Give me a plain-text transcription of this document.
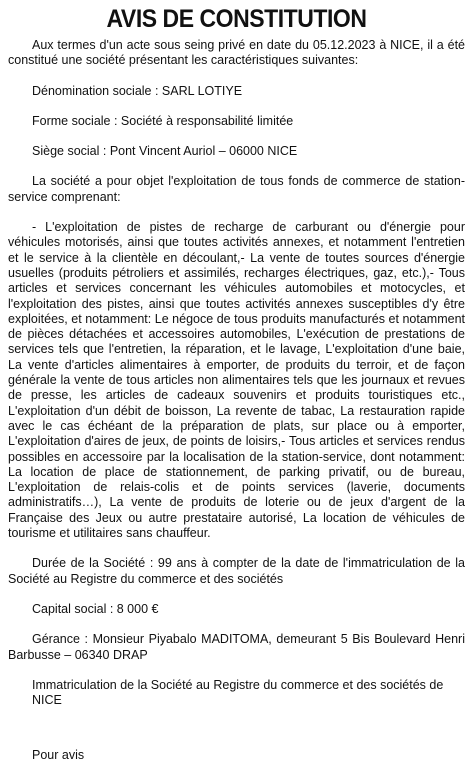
AVIS DE CONSTITUTION

Aux termes d'un acte sous seing privé en date du 05.12.2023 à NICE, il a été constitué une société présentant les caractéristiques suivantes:

Dénomination sociale : SARL LOTIYE

Forme sociale : Société à responsabilité limitée

Siège social : Pont Vincent Auriol – 06000 NICE

La société a pour objet l'exploitation de tous fonds de commerce de station-service comprenant:

- L'exploitation de pistes de recharge de carburant ou d'énergie pour véhicules motorisés, ainsi que toutes activités annexes, et notamment l'entretien et le service à la clientèle en découlant,- La vente de toutes sources d'énergie usuelles (produits pétroliers et assimilés, recharges électriques, gaz, etc.),- Tous articles et services concernant les véhicules automobiles et motocycles, et l'exploitation des pistes, ainsi que toutes activités annexes susceptibles d'y être exploitées, et notamment: Le négoce de tous produits manufacturés et notamment de pièces détachées et accessoires automobiles, L'exécution de prestations de services tels que l'entretien, la réparation, et le lavage, L'exploitation d'une baie, La vente d'articles alimentaires à emporter, de produits du terroir, et de façon générale la vente de tous articles non alimentaires tels que les journaux et revues de presse, les articles de cadeaux souvenirs et produits touristiques etc., L'exploitation d'un débit de boisson, La revente de tabac, La restauration rapide avec le cas échéant de la préparation de plats, sur place ou à emporter, L'exploitation d'aires de jeux, de points de loisirs,- Tous articles et services rendus possibles en accessoire par la localisation de la station-service, dont notamment: La location de place de stationnement, de parking privatif, ou de bureau, L'exploitation de relais-colis et de points services (laverie, documents administratifs…), La vente de produits de loterie ou de jeux d'argent de la Française des Jeux ou autre prestataire autorisé, La location de véhicules de tourisme et utilitaires sans chauffeur.

Durée de la Société : 99 ans à compter de la date de l'immatriculation de la Société au Registre du commerce et des sociétés

Capital social : 8 000 €

Gérance : Monsieur Piyabalo MADITOMA, demeurant 5 Bis Boulevard Henri Barbusse – 06340 DRAP

Immatriculation de la Société au Registre du commerce et des sociétés de NICE

Pour avis
